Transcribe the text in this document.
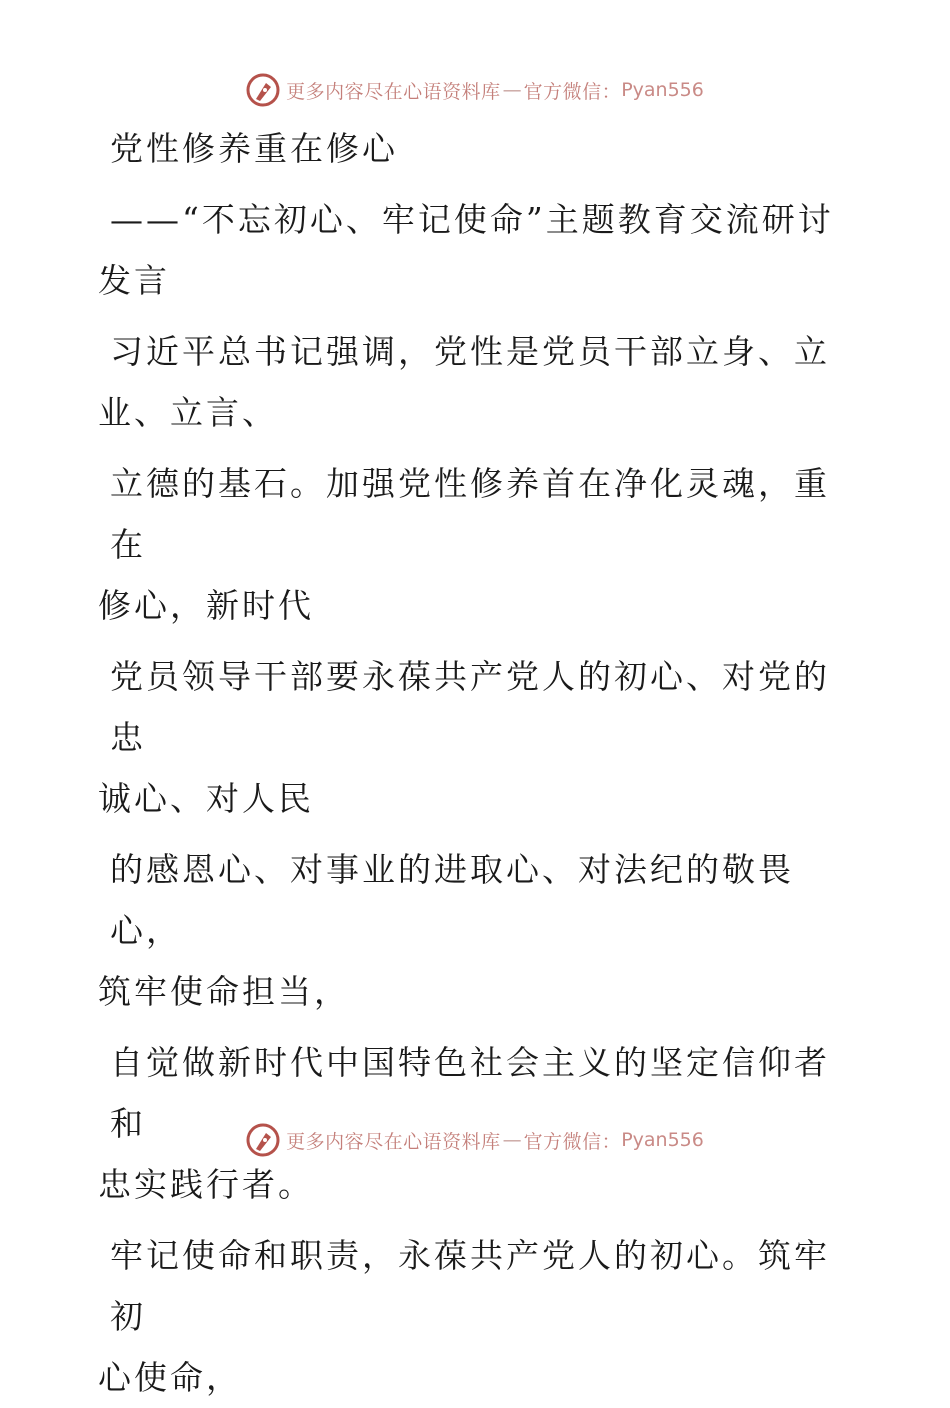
更多内容尽在心语资料库 — 官方微信： Pyan556

党性修养重在修心

——“不忘初心、牢记使命”主题教育交流研讨

发言

习近平总书记强调，党性是党员干部立身、立

业、立言、

立德的基石。加强党性修养首在净化灵魂，重在

修心，新时代

党员领导干部要永葆共产党人的初心、对党的忠

诚心、对人民

的感恩心、对事业的进取心、对法纪的敬畏心，

筑牢使命担当，

自觉做新时代中国特色社会主义的坚定信仰者和

忠实践行者。

牢记使命和职责，永葆共产党人的初心。筑牢初

心使命，

更多内容尽在心语资料库 — 官方微信： Pyan556
